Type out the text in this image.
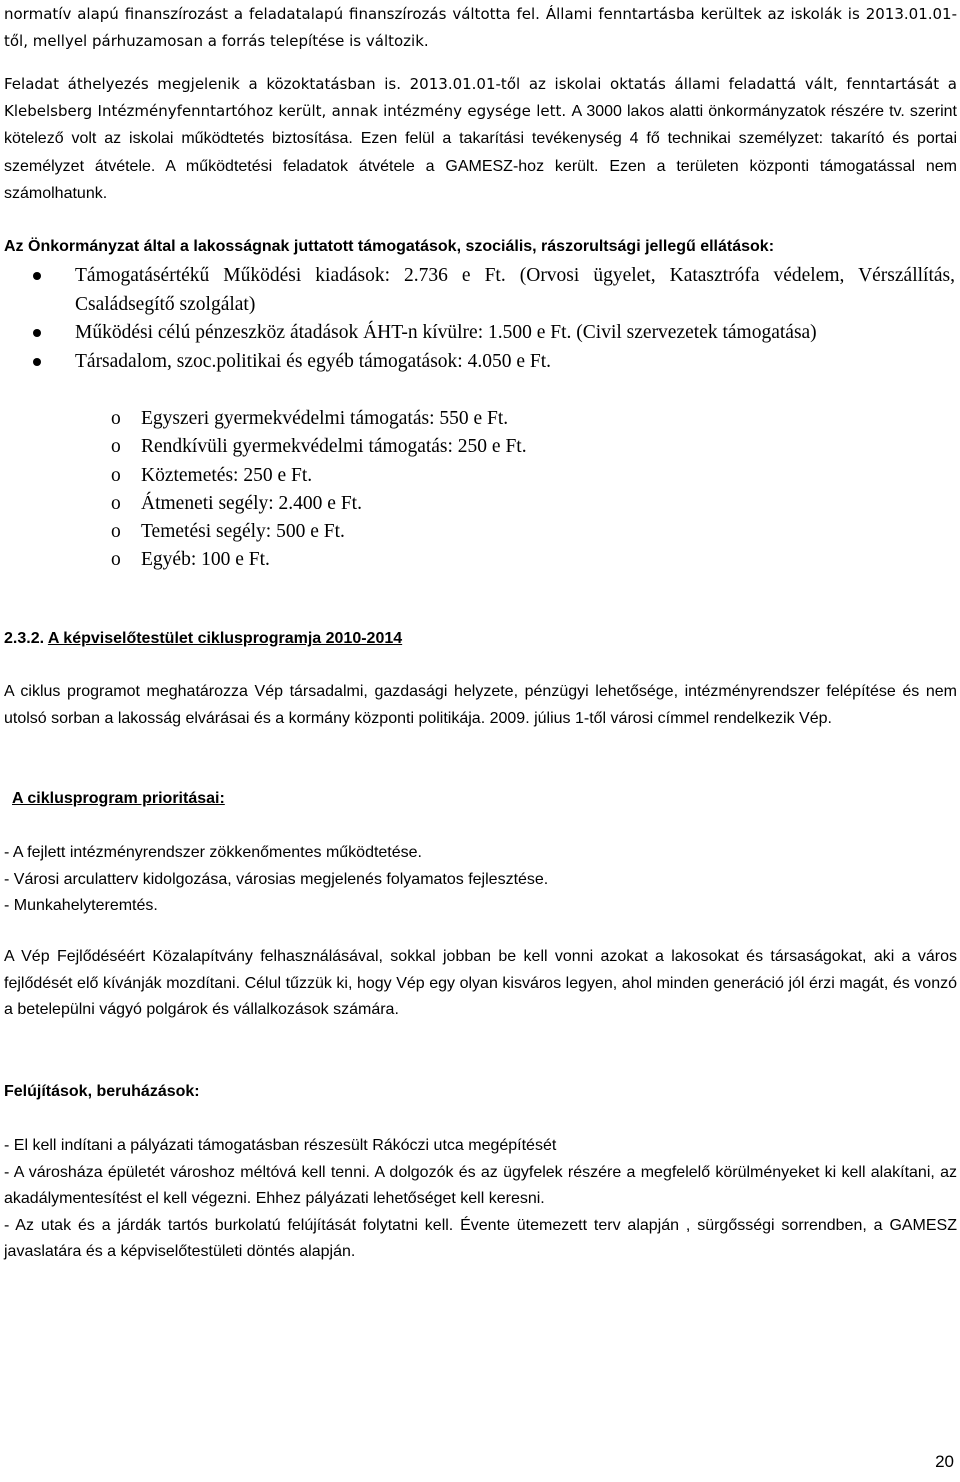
normatív alapú finanszírozást a feladatalapú finanszírozás váltotta fel. Állami fenntartásba kerültek az iskolák is 2013.01.01-től, mellyel párhuzamosan a forrás telepítése is változik.

Feladat áthelyezés megjelenik a közoktatásban is. 2013.01.01-től az iskolai oktatás állami feladattá vált, fenntartását a Klebelsberg Intézményfenntartóhoz került, annak intézmény egysége lett. A 3000 lakos alatti önkormányzatok részére tv. szerint kötelező volt az iskolai működtetés biztosítása. Ezen felül a takarítási tevékenység 4 fő technikai személyzet: takarító és portai személyzet átvétele. A működtetési feladatok átvétele a GAMESZ-hoz került. Ezen a területen központi támogatással nem számolhatunk.

Az Önkormányzat által a lakosságnak juttatott támogatások, szociális, rászorultsági jellegű ellátások:

Támogatásértékű Működési kiadások: 2.736 e Ft. (Orvosi ügyelet, Katasztrófa védelem, Vérszállítás, Családsegítő szolgálat)
Működési célú pénzeszköz átadások ÁHT-n kívülre: 1.500 e Ft. (Civil szervezetek támogatása)
Társadalom, szoc.politikai és egyéb támogatások: 4.050 e Ft.
o Egyszeri gyermekvédelmi támogatás: 550 e Ft.
o Rendkívüli gyermekvédelmi támogatás: 250 e Ft.
o Köztemetés: 250 e Ft.
o Átmeneti segély: 2.400 e Ft.
o Temetési segély: 500 e Ft.
o Egyéb: 100 e Ft.

2.3.2. A képviselőtestület ciklusprogramja 2010-2014

A ciklus programot meghatározza Vép társadalmi, gazdasági helyzete, pénzügyi lehetősége, intézményrendszer felépítése és nem utolsó sorban a lakosság elvárásai és a kormány központi politikája. 2009. július 1-től városi címmel rendelkezik Vép.

A ciklusprogram prioritásai:

- A fejlett intézményrendszer zökkenőmentes működtetése.
- Városi arculatterv kidolgozása, városias megjelenés folyamatos fejlesztése.
- Munkahelyteremtés.

A Vép Fejlődéséért Közalapítvány felhasználásával, sokkal jobban be kell vonni azokat a lakosokat és társaságokat, aki a város fejlődését elő kívánják mozdítani. Célul tűzzük ki, hogy Vép egy olyan kisváros legyen, ahol minden generáció jól érzi magát, és vonzó a betelepülni vágyó polgárok és vállalkozások számára.

Felújítások, beruházások:

- El kell indítani a pályázati támogatásban részesült Rákóczi utca megépítését
- A városháza épületét városhoz méltóvá kell tenni. A dolgozók és az ügyfelek részére a megfelelő körülményeket ki kell alakítani, az akadálymentesítést el kell végezni. Ehhez pályázati lehetőséget kell keresni.
- Az utak és a járdák tartós burkolatú felújítását folytatni kell. Évente ütemezett terv alapján , sürgősségi sorrendben, a GAMESZ javaslatára és a képviselőtestületi döntés alapján.
20
